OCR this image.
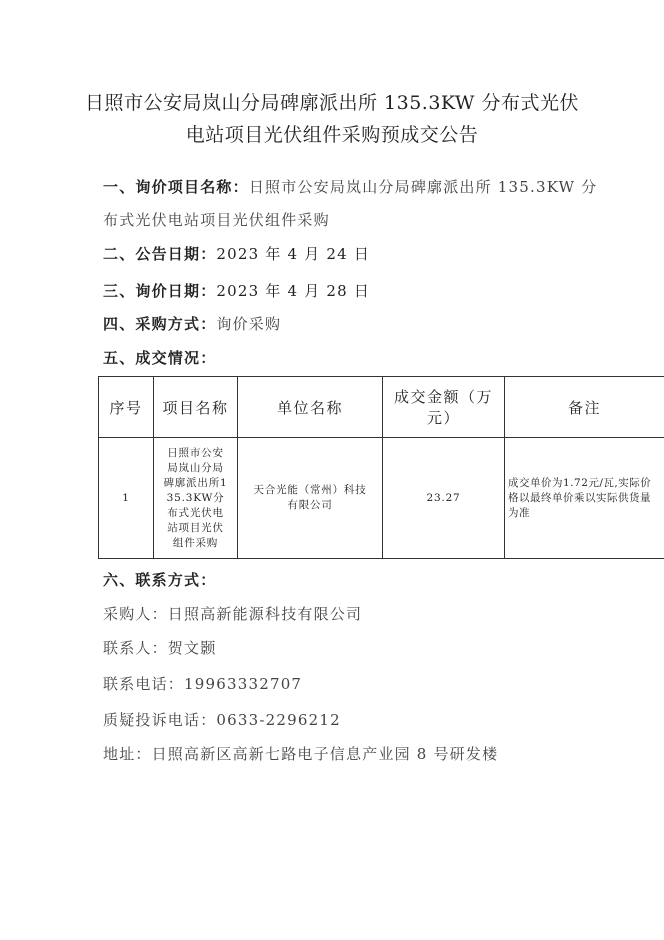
日照市公安局岚山分局碑廓派出所 135.3KW 分布式光伏
电站项目光伏组件采购预成交公告
一、询价项目名称：日照市公安局岚山分局碑廓派出所 135.3KW 分
布式光伏电站项目光伏组件采购
二、公告日期：2023 年 4 月 24 日
三、询价日期：2023 年 4 月 28 日
四、采购方式：询价采购
五、成交情况：
序号	项目名称	单位名称	成交金额（万元）	备注
1	日照市公安局岚山分局碑廓派出所135.3KW分布式光伏电站项目光伏组件采购	天合光能（常州）科技有限公司	23.27	成交单价为1.72元/瓦,实际价格以最终单价乘以实际供货量为准
六、联系方式：
采购人：日照高新能源科技有限公司
联系人：贺文颢
联系电话：19963332707
质疑投诉电话：0633-2296212
地址：日照高新区高新七路电子信息产业园 8 号研发楼
